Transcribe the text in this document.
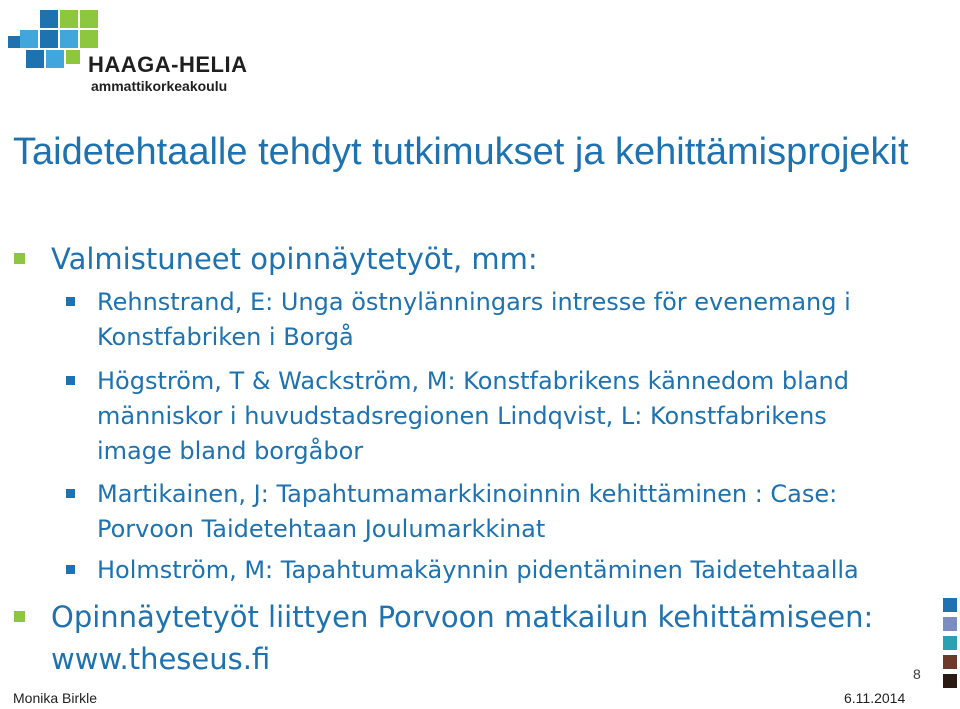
HAAGA-HELIA
ammattikorkeakoulu
Taidetehtaalle tehdyt tutkimukset ja kehittämisprojekit
Valmistuneet opinnäytetyöt, mm:
Rehnstrand, E: Unga östnylänningars intresse för evenemang i
Konstfabriken i Borgå
Högström, T & Wackström, M: Konstfabrikens kännedom bland
människor i huvudstadsregionen Lindqvist, L: Konstfabrikens
image bland borgåbor
Martikainen, J: Tapahtumamarkkinoinnin kehittäminen : Case:
Porvoon Taidetehtaan Joulumarkkinat
Holmström, M: Tapahtumakäynnin pidentäminen Taidetehtaalla
Opinnäytetyöt liittyen Porvoon matkailun kehittämiseen:
www.theseus.fi	8
Monika Birkle	6.11.2014
